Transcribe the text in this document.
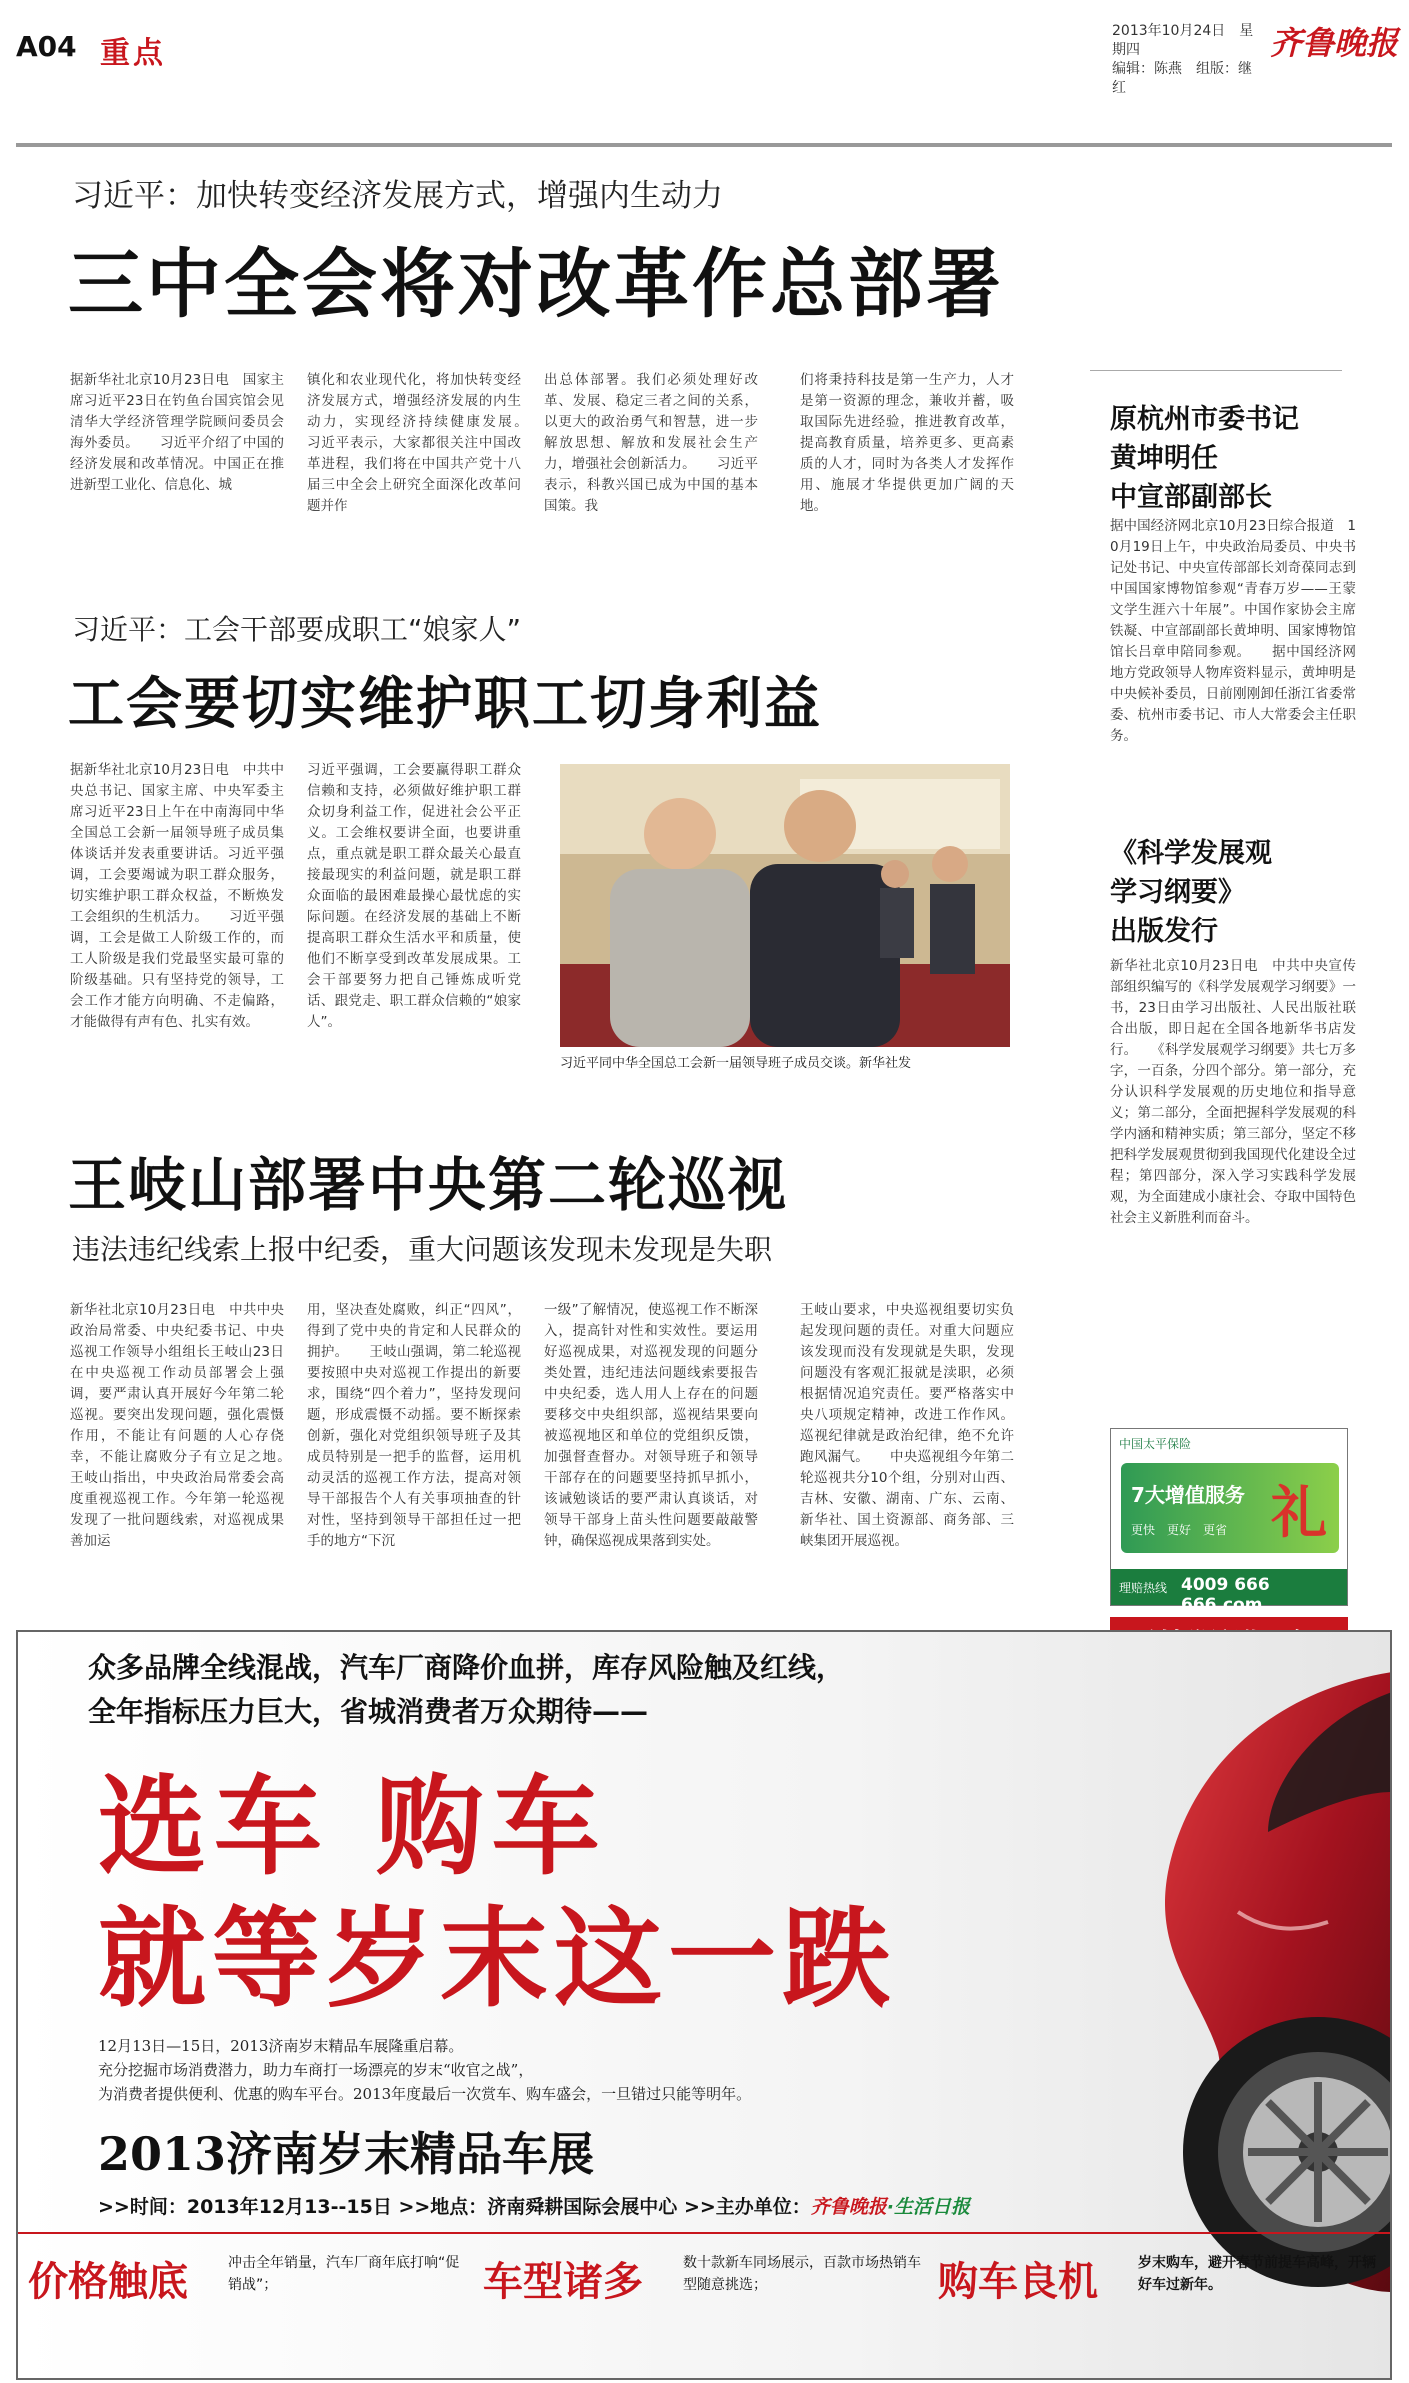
A04 重点
2013年10月24日　星期四
编辑：陈燕　组版：继红
齐鲁晚报
习近平：加快转变经济发展方式，增强内生动力
三中全会将对改革作总部署
据新华社北京10月23日电　国家主席习近平23日在钓鱼台国宾馆会见清华大学经济管理学院顾问委员会海外委员。　　习近平介绍了中国的经济发展和改革情况。中国正在推进新型工业化、信息化、城
镇化和农业现代化，将加快转变经济发展方式，增强经济发展的内生动力，实现经济持续健康发展。　　习近平表示，大家都很关注中国改革进程，我们将在中国共产党十八届三中全会上研究全面深化改革问题并作
出总体部署。我们必须处理好改革、发展、稳定三者之间的关系，以更大的政治勇气和智慧，进一步解放思想、解放和发展社会生产力，增强社会创新活力。　　习近平表示，科教兴国已成为中国的基本国策。我
们将秉持科技是第一生产力，人才是第一资源的理念，兼收并蓄，吸取国际先进经验，推进教育改革，提高教育质量，培养更多、更高素质的人才，同时为各类人才发挥作用、施展才华提供更加广阔的天地。
习近平：工会干部要成职工“娘家人”
工会要切实维护职工切身利益
据新华社北京10月23日电　中共中央总书记、国家主席、中央军委主席习近平23日上午在中南海同中华全国总工会新一届领导班子成员集体谈话并发表重要讲话。习近平强调，工会要竭诚为职工群众服务，切实维护职工群众权益，不断焕发工会组织的生机活力。　　习近平强调，工会是做工人阶级工作的，而工人阶级是我们党最坚实最可靠的阶级基础。只有坚持党的领导，工会工作才能方向明确、不走偏路，才能做得有声有色、扎实有效。
习近平强调，工会要赢得职工群众信赖和支持，必须做好维护职工群众切身利益工作，促进社会公平正义。工会维权要讲全面，也要讲重点，重点就是职工群众最关心最直接最现实的利益问题，就是职工群众面临的最困难最操心最忧虑的实际问题。在经济发展的基础上不断提高职工群众生活水平和质量，使他们不断享受到改革发展成果。工会干部要努力把自己锤炼成听党话、跟党走、职工群众信赖的“娘家人”。
习近平同中华全国总工会新一届领导班子成员交谈。新华社发
王岐山部署中央第二轮巡视
违法违纪线索上报中纪委，重大问题该发现未发现是失职
新华社北京10月23日电　中共中央政治局常委、中央纪委书记、中央巡视工作领导小组组长王岐山23日在中央巡视工作动员部署会上强调，要严肃认真开展好今年第二轮巡视。要突出发现问题，强化震慑作用，不能让有问题的人心存侥幸，不能让腐败分子有立足之地。　　王岐山指出，中央政治局常委会高度重视巡视工作。今年第一轮巡视发现了一批问题线索，对巡视成果善加运
用，坚决查处腐败，纠正“四风”，得到了党中央的肯定和人民群众的拥护。　　王岐山强调，第二轮巡视要按照中央对巡视工作提出的新要求，围绕“四个着力”，坚持发现问题，形成震慑不动摇。要不断探索创新，强化对党组织领导班子及其成员特别是一把手的监督，运用机动灵活的巡视工作方法，提高对领导干部报告个人有关事项抽查的针对性，坚持到领导干部担任过一把手的地方“下沉
一级”了解情况，使巡视工作不断深入，提高针对性和实效性。要运用好巡视成果，对巡视发现的问题分类处置，违纪违法问题线索要报告中央纪委，选人用人上存在的问题要移交中央组织部，巡视结果要向被巡视地区和单位的党组织反馈，加强督查督办。对领导班子和领导干部存在的问题要坚持抓早抓小，该诫勉谈话的要严肃认真谈话，对领导干部身上苗头性问题要敲敲警钟，确保巡视成果落到实处。
王岐山要求，中央巡视组要切实负起发现问题的责任。对重大问题应该发现而没有发现就是失职，发现问题没有客观汇报就是渎职，必须根据情况追究责任。要严格落实中央八项规定精神，改进工作作风。巡视纪律就是政治纪律，绝不允许跑风漏气。　　中央巡视组今年第二轮巡视共分10个组，分别对山西、吉林、安徽、湖南、广东、云南、新华社、国土资源部、商务部、三峡集团开展巡视。
原杭州市委书记
黄坤明任
中宣部副部长
据中国经济网北京10月23日综合报道　10月19日上午，中央政治局委员、中央书记处书记、中央宣传部部长刘奇葆同志到中国国家博物馆参观“青春万岁——王蒙文学生涯六十年展”。中国作家协会主席铁凝、中宣部副部长黄坤明、国家博物馆馆长吕章申陪同参观。　　据中国经济网地方党政领导人物库资料显示，黄坤明是中央候补委员，日前刚刚卸任浙江省委常委、杭州市委书记、市人大常委会主任职务。
《科学发展观
学习纲要》
出版发行
新华社北京10月23日电　中共中央宣传部组织编写的《科学发展观学习纲要》一书，23日由学习出版社、人民出版社联合出版，即日起在全国各地新华书店发行。　　《科学发展观学习纲要》共七万多字，一百条，分四个部分。第一部分，充分认识科学发展观的历史地位和指导意义；第二部分，全面把握科学发展观的科学内涵和精神实质；第三部分，坚定不移把科学发展观贯彻到我国现代化建设全过程；第四部分，深入学习实践科学发展观，为全面建成小康社会、夺取中国特色社会主义新胜利而奋斗。
中国太平保险
7大增值服务 礼
更快　更好　更省
理赔热线 4009 666 666.com
众多品牌全线混战，汽车厂商降价血拼，库存风险触及红线，
全年指标压力巨大，省城消费者万众期待——
选车 购车
就等岁末这一跌
12月13日—15日，2013济南岁末精品车展隆重启幕。
充分挖掘市场消费潜力，助力车商打一场漂亮的岁末“收官之战”，
为消费者提供便利、优惠的购车平台。2013年度最后一次赏车、购车盛会，一旦错过只能等明年。
2013济南岁末精品车展
>>时间：2013年12月13--15日 >>地点：济南舜耕国际会展中心 >>主办单位：齐鲁晚报·生活日报
价格触底	冲击全年销量，汽车厂商年底打响“促销战”；	车型诸多	数十款新车同场展示，百款市场热销车型随意挑选；	购车良机	岁末购车，避开春节前提车高峰，开辆好车过新年。
